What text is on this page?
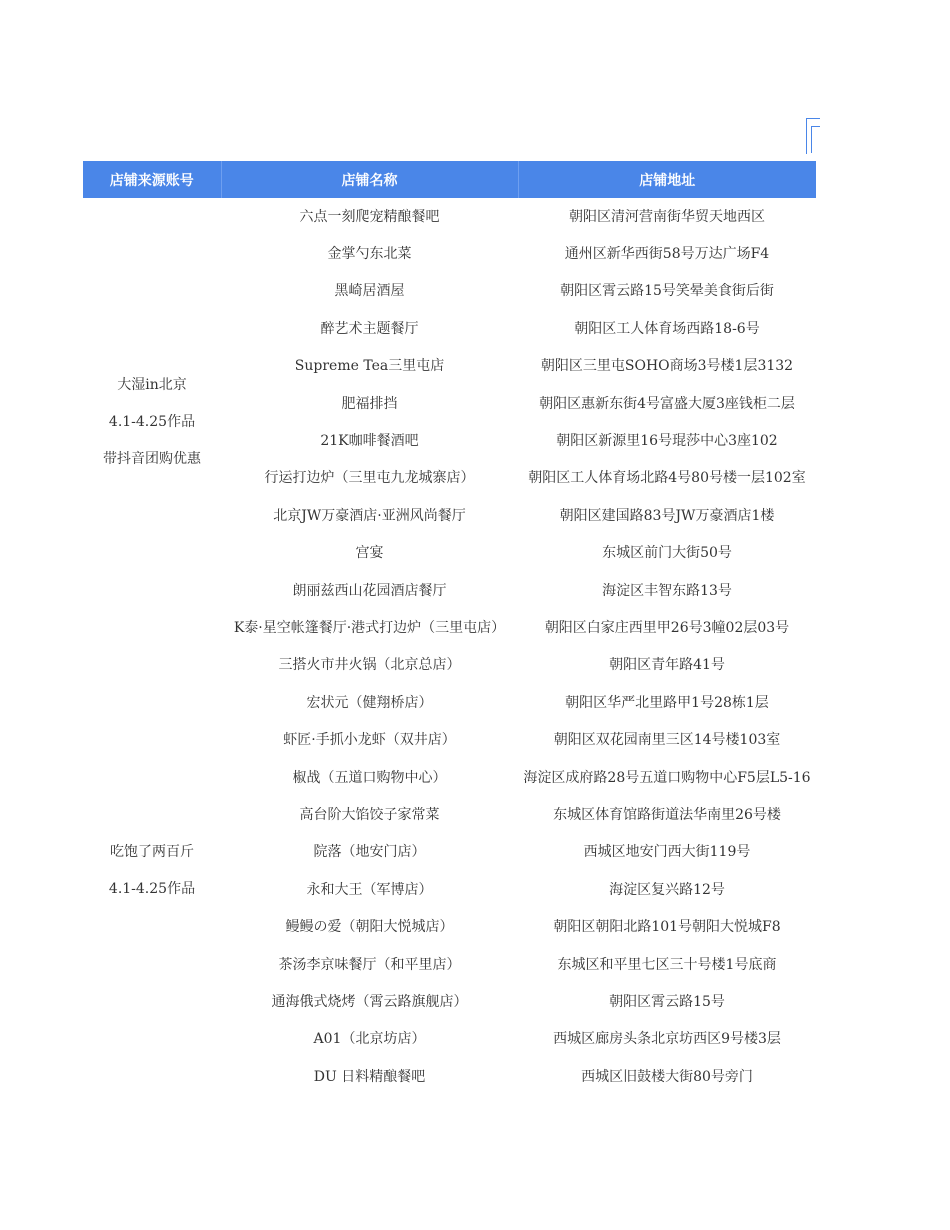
店铺来源账号	店铺名称	店铺地址

大湿in北京
4.1-4.25作品
带抖音团购优惠	六点一刻爬宠精酿餐吧	朝阳区清河营南街华贸天地西区
	金掌勺东北菜	通州区新华西街58号万达广场F4
	黑崎居酒屋	朝阳区霄云路15号笑晕美食街后街
	醉艺术主题餐厅	朝阳区工人体育场西路18-6号
	Supreme Tea三里屯店	朝阳区三里屯SOHO商场3号楼1层3132
	肥福排挡	朝阳区惠新东街4号富盛大厦3座钱柜二层
	21K咖啡餐酒吧	朝阳区新源里16号琨莎中心3座102
	行运打边炉（三里屯九龙城寨店）	朝阳区工人体育场北路4号80号楼一层102室
	北京JW万豪酒店·亚洲风尚餐厅	朝阳区建国路83号JW万豪酒店1楼
	宫宴	东城区前门大街50号
	朗丽兹西山花园酒店餐厅	海淀区丰智东路13号
	K泰·星空帐篷餐厅·港式打边炉（三里屯店）	朝阳区白家庄西里甲26号3幢02层03号

吃饱了两百斤
4.1-4.25作品	三搭火市井火锅（北京总店）	朝阳区青年路41号
	宏状元（健翔桥店）	朝阳区华严北里路甲1号28栋1层
	虾匠·手抓小龙虾（双井店）	朝阳区双花园南里三区14号楼103室
	椒战（五道口购物中心）	海淀区成府路28号五道口购物中心F5层L5-16
	高台阶大馅饺子家常菜	东城区体育馆路街道法华南里26号楼
	院落（地安门店）	西城区地安门西大街119号
	永和大王（军博店）	海淀区复兴路12号
	鳗鳗の爱（朝阳大悦城店）	朝阳区朝阳北路101号朝阳大悦城F8
	茶汤李京味餐厅（和平里店）	东城区和平里七区三十号楼1号底商
	通海俄式烧烤（霄云路旗舰店）	朝阳区霄云路15号
	A01（北京坊店）	西城区廊房头条北京坊西区9号楼3层
	DU 日料精酿餐吧	西城区旧鼓楼大街80号旁门
